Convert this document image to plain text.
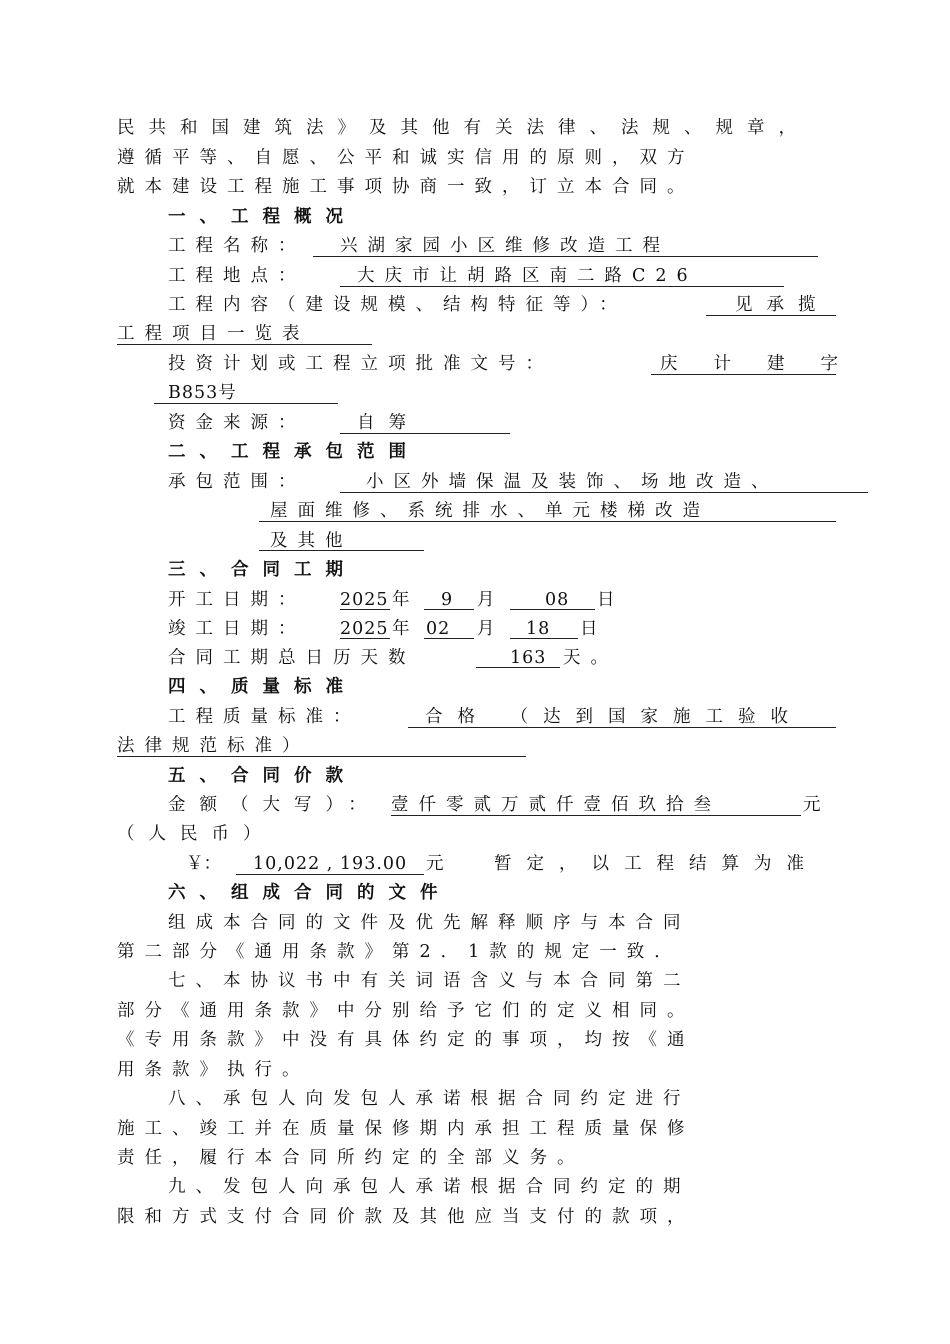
民共和国建筑法》及其他有关法律、法规、规章，
遵循平等、自愿、公平和诚实信用的原则，双方
就本建设工程施工事项协商一致，订立本合同。
一、工程概况
工程名称： 兴湖家园小区维修改造工程
工程地点：	大庆市让胡路区南二路C26
工程内容（建设规模、结构特征等）：	见承揽
工程项目一览表
投资计划或工程立项批准文号：	庆计建字
B853号
资金来源：	自筹
二、工程承包范围
承包范围：	小区外墙保温及装饰、场地改造、
屋面维修、系统排水、单元楼梯改造
及其他
三、合同工期
开工日期： 2025 年 9 月	08 日
竣工日期： 2025 年 02 月 18 日
合同工期总日历天数	163 天。
四、质量标准
工程质量标准：	合格 （达到国家施工验收
法律规范标准）
五、合同价款
金额（大写）： 壹仟零贰万贰仟壹佰玖拾叁	元
（人民币）
￥： 10,022 , 193.00 元	暂定，以工程结算为准
六、组成合同的文件
组成本合同的文件及优先解释顺序与本合同
第二部分《通用条款》第2．1款的规定一致．
七、本协议书中有关词语含义与本合同第二
部分《通用条款》中分别给予它们的定义相同。
《专用条款》中没有具体约定的事项，均按《通
用条款》执行。
八、承包人向发包人承诺根据合同约定进行
施工、竣工并在质量保修期内承担工程质量保修
责任，履行本合同所约定的全部义务。
九、发包人向承包人承诺根据合同约定的期
限和方式支付合同价款及其他应当支付的款项，
